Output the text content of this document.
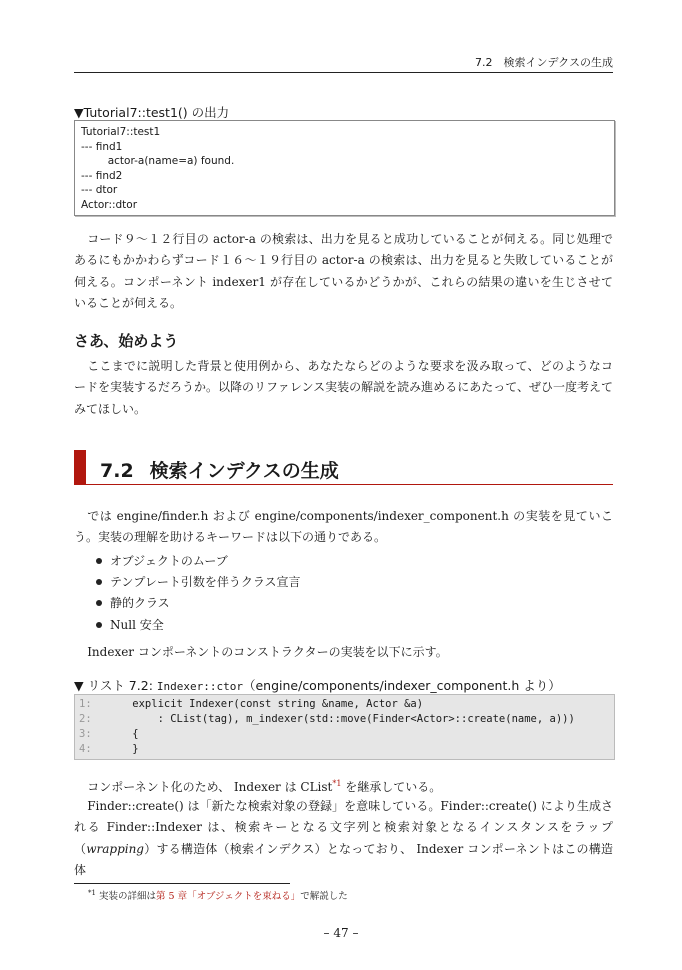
7.2　検索インデクスの生成
▼Tutorial7::test1() の出力
Tutorial7::test1
--- find1
actor-a(name=a) found.
--- find2
--- dtor
Actor::dtor

コード９〜１２行目の actor-a の検索は、出力を見ると成功していることが伺える。同じ処理であるにもかかわらずコード１６〜１９行目の actor-a の検索は、出力を見ると失敗していることが伺える。コンポーネント indexer1 が存在しているかどうかが、これらの結果の違いを生じさせていることが伺える。

さあ、始めよう

ここまでに説明した背景と使用例から、あなたならどのような要求を汲み取って、どのようなコードを実装するだろうか。以降のリファレンス実装の解説を読み進めるにあたって、ぜひ一度考えてみてほしい。

7.2 検索インデクスの生成

では engine/finder.h および engine/components/indexer_component.h の実装を見ていこう。実装の理解を助けるキーワードは以下の通りである。

オブジェクトのムーブ
テンプレート引数を伴うクラス宣言
静的クラス
Null 安全

Indexer コンポーネントのコンストラクターの実装を以下に示す。

▼ リスト 7.2: Indexer::ctor（engine/components/indexer_component.h より）
1:    explicit Indexer(const string &name, Actor &a)
2:        : CList(tag), m_indexer(std::move(Finder<Actor>::create(name, a)))
3:    {
4:    }

コンポーネント化のため、 Indexer は CList$^{*1}$ を継承している。

Finder::create() は「新たな検索対象の登録」を意味している。Finder::create() により生成される Finder::Indexer は、検索キーとなる文字列と検索対象となるインスタンスをラップ（wrapping）する構造体（検索インデクス）となっており、 Indexer コンポーネントはこの構造体

$^{*1}$ 実装の詳細は第 5 章「オブジェクトを束ねる」で解説した
– 47 –
